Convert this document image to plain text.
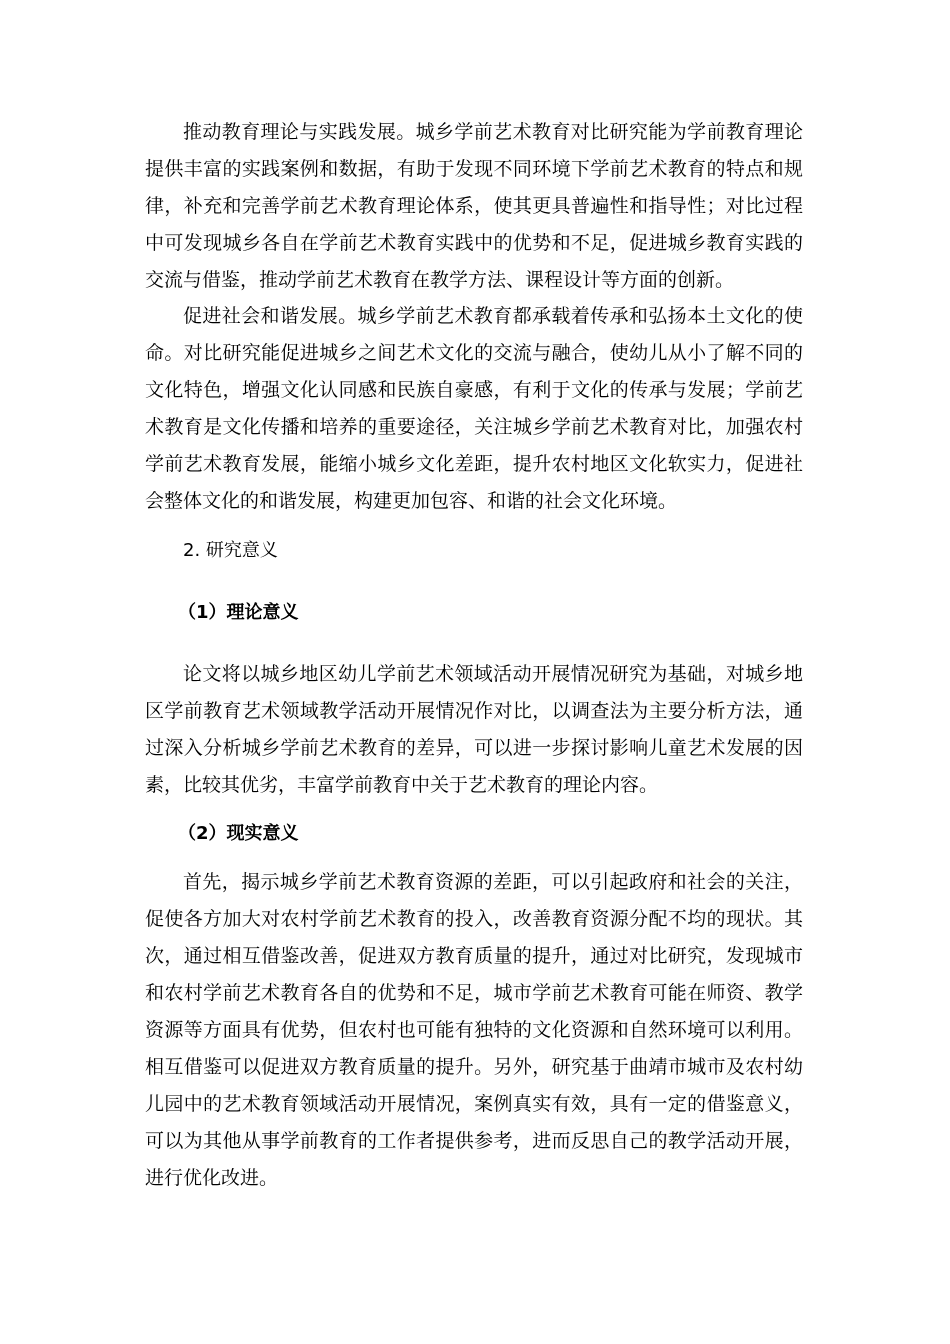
推动教育理论与实践发展。城乡学前艺术教育对比研究能为学前教育理论提供丰富的实践案例和数据，有助于发现不同环境下学前艺术教育的特点和规律，补充和完善学前艺术教育理论体系，使其更具普遍性和指导性；对比过程中可发现城乡各自在学前艺术教育实践中的优势和不足，促进城乡教育实践的交流与借鉴，推动学前艺术教育在教学方法、课程设计等方面的创新。

促进社会和谐发展。城乡学前艺术教育都承载着传承和弘扬本土文化的使命。对比研究能促进城乡之间艺术文化的交流与融合，使幼儿从小了解不同的文化特色，增强文化认同感和民族自豪感，有利于文化的传承与发展；学前艺术教育是文化传播和培养的重要途径，关注城乡学前艺术教育对比，加强农村学前艺术教育发展，能缩小城乡文化差距，提升农村地区文化软实力，促进社会整体文化的和谐发展，构建更加包容、和谐的社会文化环境。

2. 研究意义

（1）理论意义

论文将以城乡地区幼儿学前艺术领域活动开展情况研究为基础，对城乡地区学前教育艺术领域教学活动开展情况作对比，以调查法为主要分析方法，通过深入分析城乡学前艺术教育的差异，可以进一步探讨影响儿童艺术发展的因素，比较其优劣，丰富学前教育中关于艺术教育的理论内容。

（2）现实意义

首先，揭示城乡学前艺术教育资源的差距，可以引起政府和社会的关注，促使各方加大对农村学前艺术教育的投入，改善教育资源分配不均的现状。其次，通过相互借鉴改善，促进双方教育质量的提升，通过对比研究，发现城市和农村学前艺术教育各自的优势和不足，城市学前艺术教育可能在师资、教学资源等方面具有优势，但农村也可能有独特的文化资源和自然环境可以利用。相互借鉴可以促进双方教育质量的提升。另外，研究基于曲靖市城市及农村幼儿园中的艺术教育领域活动开展情况，案例真实有效，具有一定的借鉴意义，可以为其他从事学前教育的工作者提供参考，进而反思自己的教学活动开展，进行优化改进。
